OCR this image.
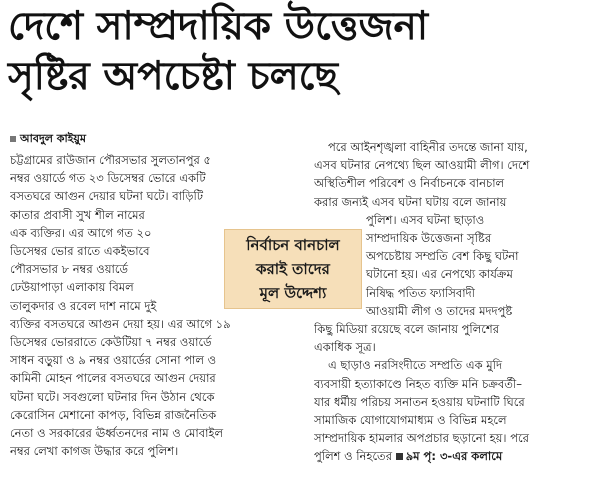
দেশে সাম্প্রদায়িক উত্তেজনা
সৃষ্টির অপচেষ্টা চলছে
আবদুল কাইয়ুম
চট্টগ্রামের রাউজান পৌরসভার সুলতানপুর ৫
নম্বর ওয়ার্ডে গত ২৩ ডিসেম্বর ভোরে একটি
বসতঘরে আগুন দেয়ার ঘটনা ঘটে। বাড়িটি
কাতার প্রবাসী সুখ শীল নামের
এক ব্যক্তির। এর আগে গত ২০
ডিসেম্বর ভোর রাতে একইভাবে
পৌরসভার ৮ নম্বর ওয়ার্ডে
ঢেউয়াপাড়া এলাকায় বিমল
তালুকদার ও রবেল দাশ নামে দুই
ব্যক্তির বসতঘরে আগুন দেয়া হয়। এর আগে ১৯
ডিসেম্বর ভোররাতে কেউটিয়া ৭ নম্বর ওয়ার্ডে
সাধন বড়ুয়া ও ৯ নম্বর ওয়ার্ডের সোনা পাল ও
কামিনী মোহন পালের বসতঘরে আগুন দেয়ার
ঘটনা ঘটে। সবগুলো ঘটনার দিন উঠান থেকে
কেরোসিন মেশানো কাপড়, বিভিন্ন রাজনৈতিক
নেতা ও সরকারের ঊর্ধ্বতনদের নাম ও মোবাইল
নম্বর লেখা কাগজ উদ্ধার করে পুলিশ।
নির্বাচন বানচাল
করাই তাদের
মূল উদ্দেশ্য
পরে আইনশৃঙ্খলা বাহিনীর তদন্তে জানা যায়,
এসব ঘটনার নেপথ্যে ছিল আওয়ামী লীগ। দেশে
অস্থিতিশীল পরিবেশ ও নির্বাচনকে বানচাল
করার জন্যই এসব ঘটনা ঘটায় বলে জানায়
পুলিশ। এসব ঘটনা ছাড়াও
সাম্প্রদায়িক উত্তেজনা সৃষ্টির
অপচেষ্টায় সম্প্রতি বেশ কিছু ঘটনা
ঘটানো হয়। এর নেপথ্যে কার্যক্রম
নিষিদ্ধ পতিত ফ্যাসিবাদী
আওয়ামী লীগ ও তাদের মদদপুষ্ট
কিছু মিডিয়া রয়েছে বলে জানায় পুলিশের
একাধিক সূত্র।
এ ছাড়াও নরসিংদীতে সম্প্রতি এক মুদি
ব্যবসায়ী হত্যাকাণ্ডে নিহত ব্যক্তি মনি চক্রবর্তী–
যার ধর্মীয় পরিচয় সনাতন হওয়ায় ঘটনাটি ঘিরে
সামাজিক যোগাযোগমাধ্যম ও বিভিন্ন মহলে
সাম্প্রদায়িক হামলার অপপ্রচার ছড়ানো হয়। পরে
পুলিশ ও নিহতের ৯ম পৃ: ৩-এর কলামে
